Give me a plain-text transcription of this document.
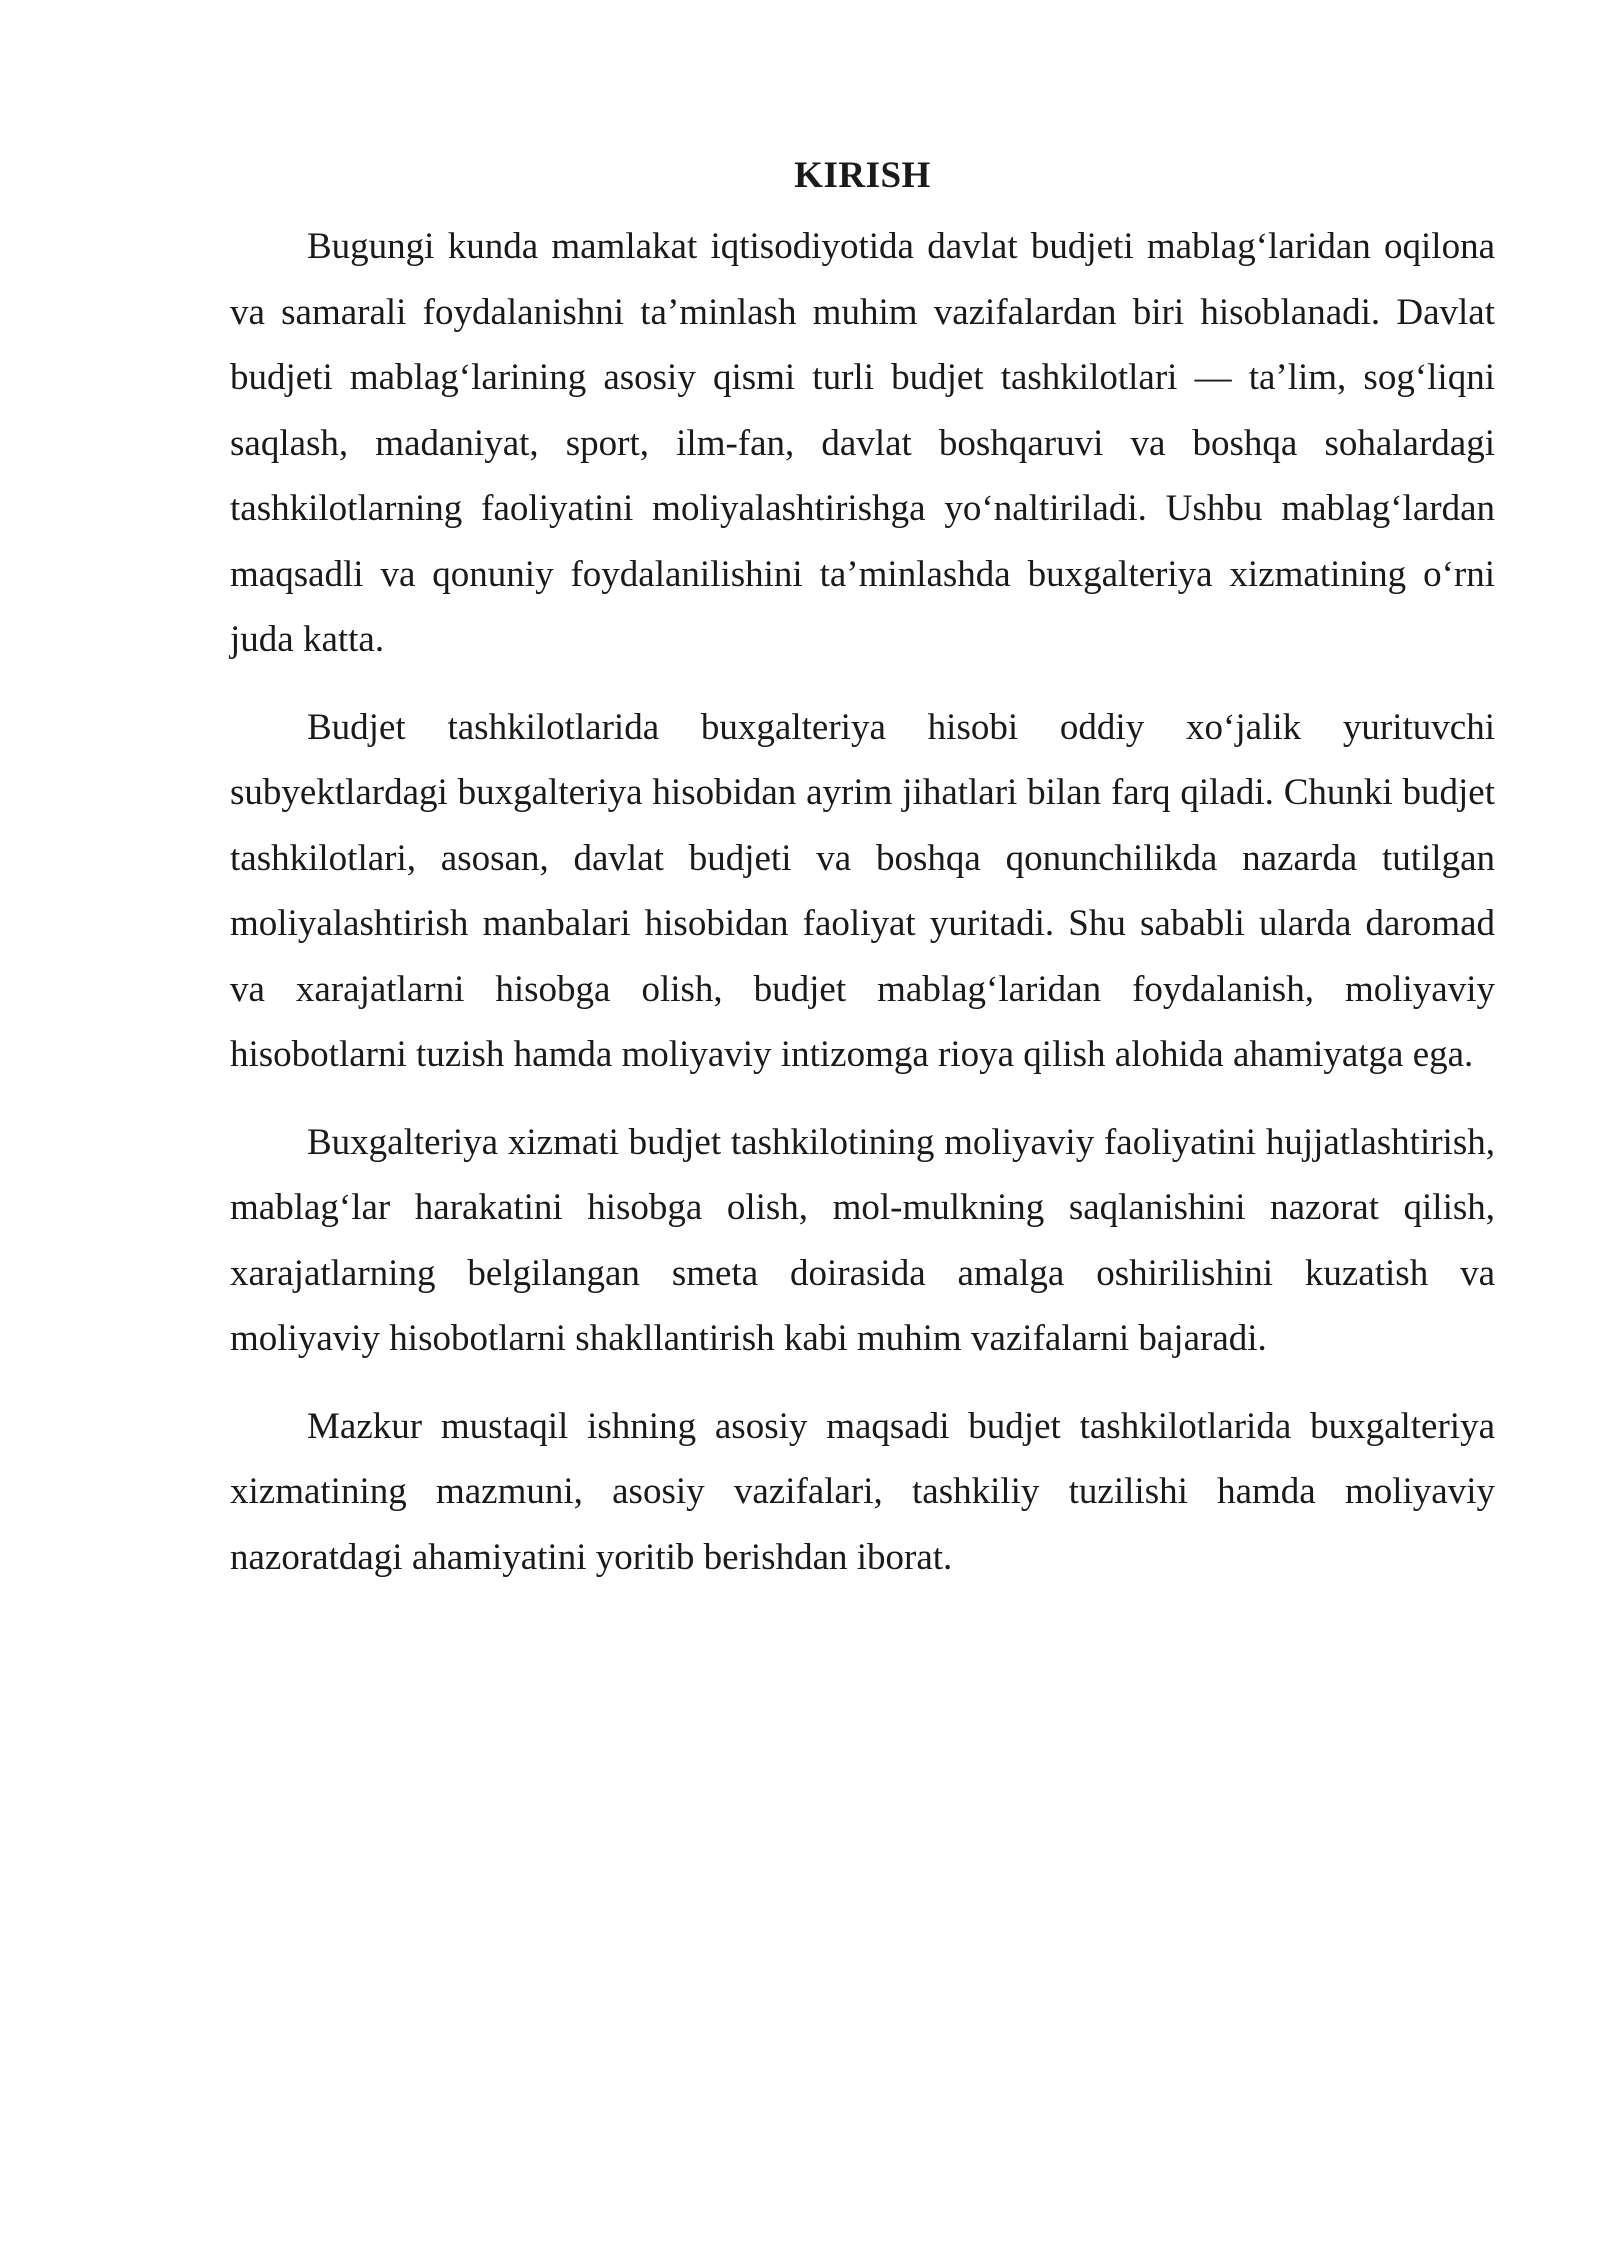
KIRISH

Bugungi kunda mamlakat iqtisodiyotida davlat budjeti mablag‘laridan oqilona va samarali foydalanishni ta’minlash muhim vazifalardan biri hisoblanadi. Davlat budjeti mablag‘larining asosiy qismi turli budjet tashkilotlari — ta’lim, sog‘liqni saqlash, madaniyat, sport, ilm-fan, davlat boshqaruvi va boshqa sohalardagi tashkilotlarning faoliyatini moliyalashtirishga yo‘naltiriladi. Ushbu mablag‘lardan maqsadli va qonuniy foydalanilishini ta’minlashda buxgalteriya xizmatining o‘rni juda katta.

Budjet tashkilotlarida buxgalteriya hisobi oddiy xo‘jalik yurituvchi subyektlardagi buxgalteriya hisobidan ayrim jihatlari bilan farq qiladi. Chunki budjet tashkilotlari, asosan, davlat budjeti va boshqa qonunchilikda nazarda tutilgan moliyalashtirish manbalari hisobidan faoliyat yuritadi. Shu sababli ularda daromad va xarajatlarni hisobga olish, budjet mablag‘laridan foydalanish, moliyaviy hisobotlarni tuzish hamda moliyaviy intizomga rioya qilish alohida ahamiyatga ega.

Buxgalteriya xizmati budjet tashkilotining moliyaviy faoliyatini hujjatlashtirish, mablag‘lar harakatini hisobga olish, mol-mulkning saqlanishini nazorat qilish, xarajatlarning belgilangan smeta doirasida amalga oshirilishini kuzatish va moliyaviy hisobotlarni shakllantirish kabi muhim vazifalarni bajaradi.

Mazkur mustaqil ishning asosiy maqsadi budjet tashkilotlarida buxgalteriya xizmatining mazmuni, asosiy vazifalari, tashkiliy tuzilishi hamda moliyaviy nazoratdagi ahamiyatini yoritib berishdan iborat.
